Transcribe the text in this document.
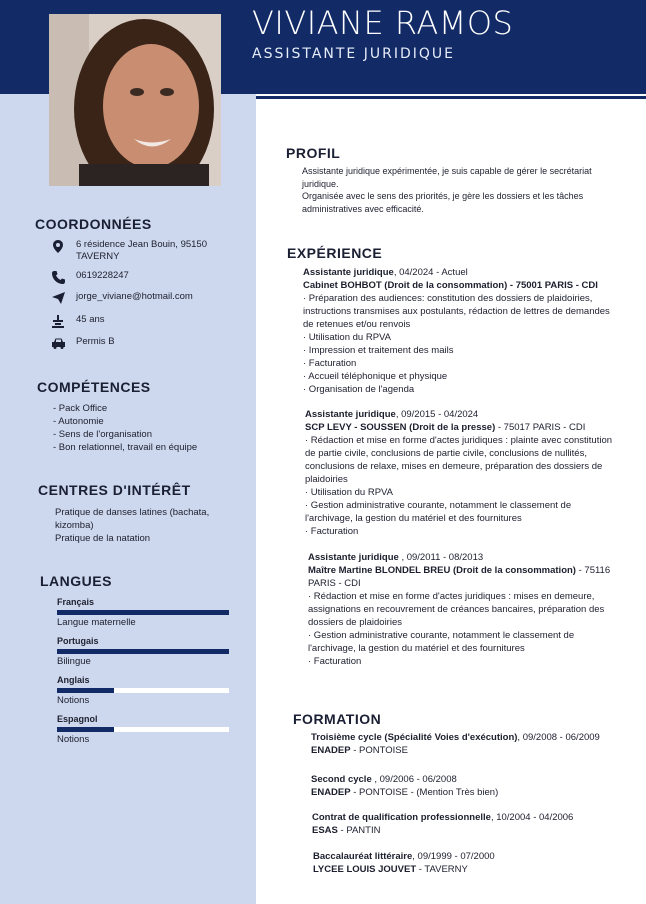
VIVIANE RAMOS
ASSISTANTE JURIDIQUE
COORDONNÉES
6 résidence Jean Bouin, 95150 TAVERNY
0619228247
jorge_viviane@hotmail.com
45 ans
Permis B
COMPÉTENCES
- Pack Office
- Autonomie
- Sens de l'organisation
- Bon relationnel, travail en équipe
CENTRES D'INTÉRÊT
Pratique de danses latines (bachata, kizomba)
Pratique de la natation
LANGUES
Français
Langue maternelle
Portugais
Bilingue
Anglais
Notions
Espagnol
Notions
PROFIL
Assistante juridique expérimentée, je suis capable de gérer le secrétariat juridique.
Organisée avec le sens des priorités, je gère les dossiers et les tâches administratives avec efficacité.
EXPÉRIENCE
Assistante juridique, 04/2024 - Actuel
Cabinet BOHBOT (Droit de la consommation) - 75001 PARIS - CDI
· Préparation des audiences: constitution des dossiers de plaidoiries, instructions transmises aux postulants, rédaction de lettres de demandes de retenues et/ou renvois
· Utilisation du RPVA
· Impression et traitement des mails
· Facturation
· Accueil téléphonique et physique
· Organisation de l'agenda
Assistante juridique, 09/2015 - 04/2024
SCP LEVY - SOUSSEN (Droit de la presse) - 75017 PARIS - CDI
· Rédaction et mise en forme d'actes juridiques : plainte avec constitution de partie civile, conclusions de partie civile, conclusions de nullités, conclusions de relaxe, mises en demeure, préparation des dossiers de plaidoiries
· Utilisation du RPVA
· Gestion administrative courante, notamment le classement de l'archivage, la gestion du matériel et des fournitures
· Facturation
Assistante juridique , 09/2011 - 08/2013
Maître Martine BLONDEL BREU (Droit de la consommation) - 75116 PARIS - CDI
· Rédaction et mise en forme d'actes juridiques : mises en demeure, assignations en recouvrement de créances bancaires, préparation des dossiers de plaidoiries
· Gestion administrative courante, notamment le classement de l'archivage, la gestion du matériel et des fournitures
· Facturation
FORMATION
Troisième cycle (Spécialité Voies d'exécution), 09/2008 - 06/2009
ENADEP - PONTOISE
Second cycle , 09/2006 - 06/2008
ENADEP - PONTOISE - (Mention Très bien)
Contrat de qualification professionnelle, 10/2004 - 04/2006
ESAS - PANTIN
Baccalauréat littéraire, 09/1999 - 07/2000
LYCEE LOUIS JOUVET - TAVERNY
